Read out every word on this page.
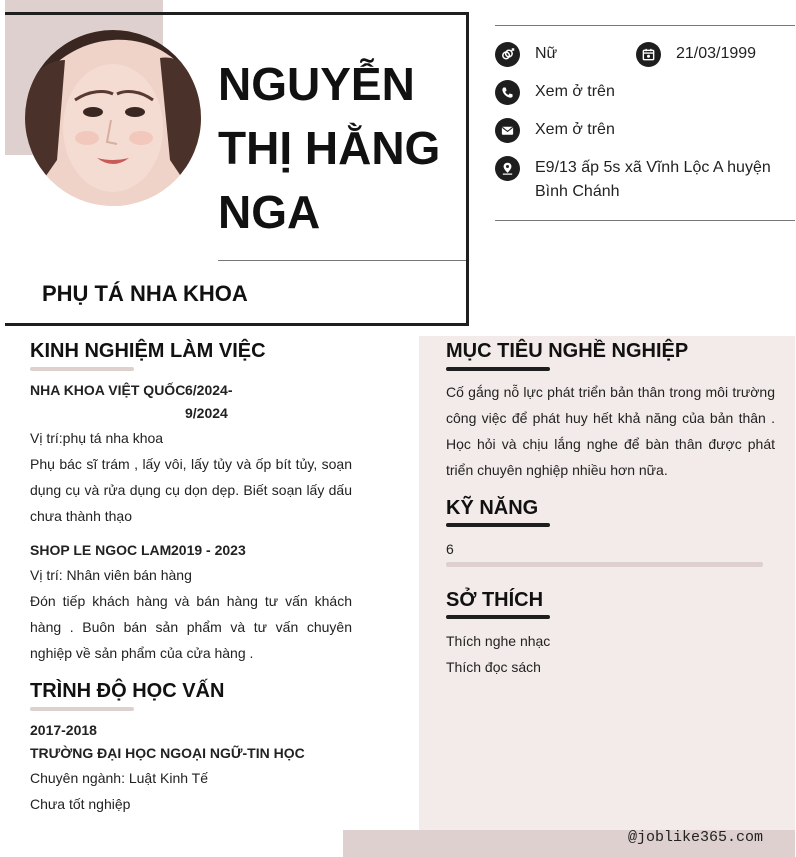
NGUYỄN
THỊ HẰNG
NGA
PHỤ TÁ NHA KHOA
Nữ	21/03/1999
Xem ở trên
Xem ở trên
E9/13 ấp 5s xã Vĩnh Lộc A huyện Bình Chánh
@joblike365.com
KINH NGHIỆM LÀM VIỆC
NHA KHOA VIỆT QUỐC 6/2024-
9/2024
Vị trí:phụ tá nha khoa
Phụ bác sĩ trám , lấy vôi, lấy tủy và ốp bít tủy, soạn dụng cụ và rửa dụng cụ dọn dẹp. Biết soạn lấy dấu chưa thành thạo
SHOP LE NGOC LAM 2019 - 2023
Vị trí: Nhân viên bán hàng
Đón tiếp khách hàng và bán hàng tư vấn khách hàng . Buôn bán sản phẩm và tư vấn chuyên nghiệp về sản phẩm của cửa hàng .
TRÌNH ĐỘ HỌC VẤN
2017-2018
TRƯỜNG ĐẠI HỌC NGOẠI NGỮ-TIN HỌC
Chuyên ngành: Luật Kinh Tế
Chưa tốt nghiệp
MỤC TIÊU NGHỀ NGHIỆP
Cố gắng nỗ lực phát triển bản thân trong môi trường công việc để phát huy hết khả năng của bản thân . Học hỏi và chịu lắng nghe để bàn thân được phát triển chuyên nghiệp nhiều hơn nữa.
KỸ NĂNG
6
SỞ THÍCH
Thích nghe nhạc
Thích đọc sách
